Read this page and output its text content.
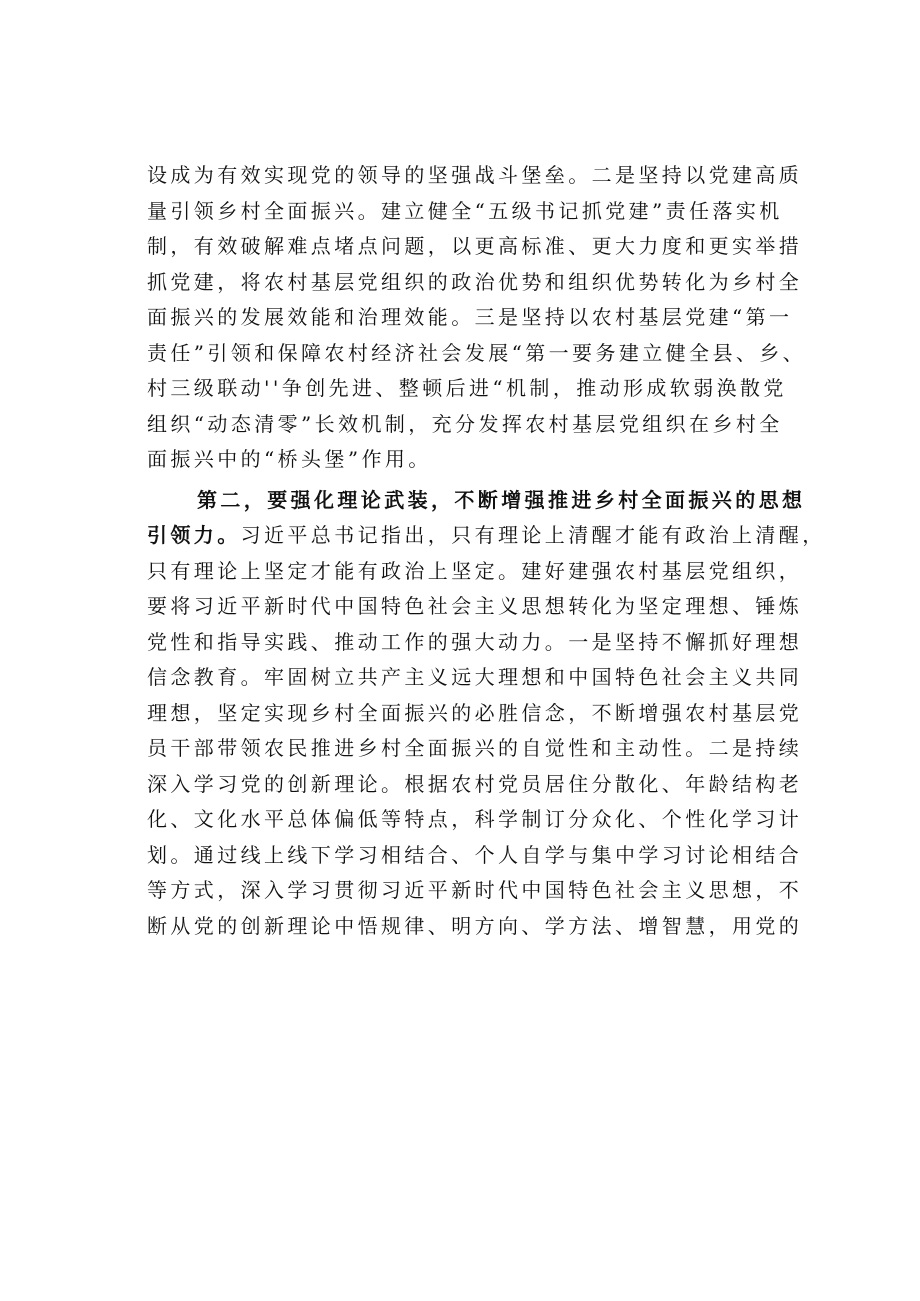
设成为有效实现党的领导的坚强战斗堡垒。二是坚持以党建高质
量引领乡村全面振兴。建立健全“五级书记抓党建”责任落实机
制，有效破解难点堵点问题，以更高标准、更大力度和更实举措
抓党建，将农村基层党组织的政治优势和组织优势转化为乡村全
面振兴的发展效能和治理效能。三是坚持以农村基层党建“第一
责任”引领和保障农村经济社会发展“第一要务建立健全县、乡、
村三级联动''争创先进、整顿后进“机制，推动形成软弱涣散党
组织“动态清零”长效机制，充分发挥农村基层党组织在乡村全
面振兴中的“桥头堡”作用。
第二，要强化理论武装，不断增强推进乡村全面振兴的思想
引领力。习近平总书记指出，只有理论上清醒才能有政治上清醒，
只有理论上坚定才能有政治上坚定。建好建强农村基层党组织，
要将习近平新时代中国特色社会主义思想转化为坚定理想、锤炼
党性和指导实践、推动工作的强大动力。一是坚持不懈抓好理想
信念教育。牢固树立共产主义远大理想和中国特色社会主义共同
理想，坚定实现乡村全面振兴的必胜信念，不断增强农村基层党
员干部带领农民推进乡村全面振兴的自觉性和主动性。二是持续
深入学习党的创新理论。根据农村党员居住分散化、年龄结构老
化、文化水平总体偏低等特点，科学制订分众化、个性化学习计
划。通过线上线下学习相结合、个人自学与集中学习讨论相结合
等方式，深入学习贯彻习近平新时代中国特色社会主义思想，不
断从党的创新理论中悟规律、明方向、学方法、增智慧，用党的
